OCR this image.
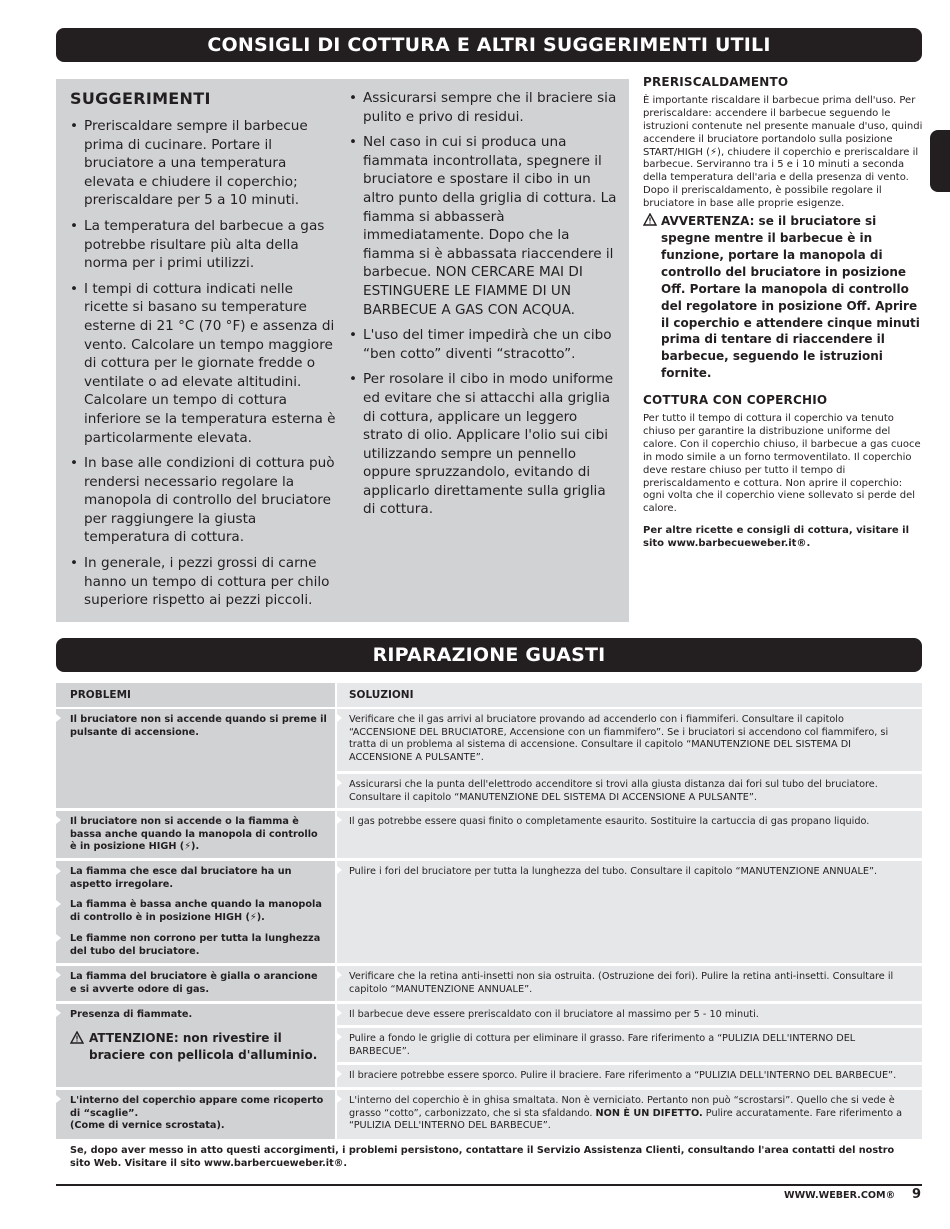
CONSIGLI DI COTTURA E ALTRI SUGGERIMENTI UTILI
SUGGERIMENTI
• Preriscaldare sempre il barbecue prima di cucinare. Portare il bruciatore a una temperatura elevata e chiudere il coperchio; preriscaldare per 5 a 10 minuti.
• La temperatura del barbecue a gas potrebbe risultare più alta della norma per i primi utilizzi.
• I tempi di cottura indicati nelle ricette si basano su temperature esterne di 21 °C (70 °F) e assenza di vento. Calcolare un tempo maggiore di cottura per le giornate fredde o ventilate o ad elevate altitudini. Calcolare un tempo di cottura inferiore se la temperatura esterna è particolarmente elevata.
• In base alle condizioni di cottura può rendersi necessario regolare la manopola di controllo del bruciatore per raggiungere la giusta temperatura di cottura.
• In generale, i pezzi grossi di carne hanno un tempo di cottura per chilo superiore rispetto ai pezzi piccoli.
• Assicurarsi sempre che il braciere sia pulito e privo di residui.
• Nel caso in cui si produca una fiammata incontrollata, spegnere il bruciatore e spostare il cibo in un altro punto della griglia di cottura. La fiamma si abbasserà immediatamente. Dopo che la fiamma si è abbassata riaccendere il barbecue. NON CERCARE MAI DI ESTINGUERE LE FIAMME DI UN BARBECUE A GAS CON ACQUA.
• L'uso del timer impedirà che un cibo “ben cotto” diventi “stracotto”.
• Per rosolare il cibo in modo uniforme ed evitare che si attacchi alla griglia di cottura, applicare un leggero strato di olio. Applicare l'olio sui cibi utilizzando sempre un pennello oppure spruzzandolo, evitando di applicarlo direttamente sulla griglia di cottura.
PRERISCALDAMENTO

È importante riscaldare il barbecue prima dell'uso. Per preriscaldare: accendere il barbecue seguendo le istruzioni contenute nel presente manuale d'uso, quindi accendere il bruciatore portandolo sulla posizione START/HIGH (⚡), chiudere il coperchio e preriscaldare il barbecue. Serviranno tra i 5 e i 10 minuti a seconda della temperatura dell'aria e della presenza di vento. Dopo il preriscaldamento, è possibile regolare il bruciatore in base alle proprie esigenze.

AVVERTENZA: se il bruciatore si spegne mentre il barbecue è in funzione, portare la manopola di controllo del bruciatore in posizione Off. Portare la manopola di controllo del regolatore in posizione Off. Aprire il coperchio e attendere cinque minuti prima di tentare di riaccendere il barbecue, seguendo le istruzioni fornite.
COTTURA CON COPERCHIO

Per tutto il tempo di cottura il coperchio va tenuto chiuso per garantire la distribuzione uniforme del calore. Con il coperchio chiuso, il barbecue a gas cuoce in modo simile a un forno termoventilato. Il coperchio deve restare chiuso per tutto il tempo di preriscaldamento e cottura. Non aprire il coperchio: ogni volta che il coperchio viene sollevato si perde del calore.

Per altre ricette e consigli di cottura, visitare il sito www.barbecueweber.it®.

RIPARAZIONE GUASTI
PROBLEMI	SOLUZIONI
Il bruciatore non si accende quando si preme il pulsante di accensione.
Verificare che il gas arrivi al bruciatore provando ad accenderlo con i fiammiferi. Consultare il capitolo “ACCENSIONE DEL BRUCIATORE, Accensione con un fiammifero”. Se i bruciatori si accendono col fiammifero, si tratta di un problema al sistema di accensione. Consultare il capitolo “MANUTENZIONE DEL SISTEMA DI ACCENSIONE A PULSANTE”.
Assicurarsi che la punta dell'elettrodo accenditore si trovi alla giusta distanza dai fori sul tubo del bruciatore. Consultare il capitolo “MANUTENZIONE DEL SISTEMA DI ACCENSIONE A PULSANTE”.
Il bruciatore non si accende o la fiamma è bassa anche quando la manopola di controllo è in posizione HIGH (⚡).
Il gas potrebbe essere quasi finito o completamente esaurito. Sostituire la cartuccia di gas propano liquido.
La fiamma che esce dal bruciatore ha un aspetto irregolare.
La fiamma è bassa anche quando la manopola di controllo è in posizione HIGH (⚡).
Le fiamme non corrono per tutta la lunghezza del tubo del bruciatore.
Pulire i fori del bruciatore per tutta la lunghezza del tubo. Consultare il capitolo “MANUTENZIONE ANNUALE”.
La fiamma del bruciatore è gialla o arancione e si avverte odore di gas.
Verificare che la retina anti-insetti non sia ostruita. (Ostruzione dei fori). Pulire la retina anti-insetti. Consultare il capitolo “MANUTENZIONE ANNUALE”.
Presenza di fiammate.
ATTENZIONE: non rivestire il braciere con pellicola d'alluminio.
Il barbecue deve essere preriscaldato con il bruciatore al massimo per 5 - 10 minuti.
Pulire a fondo le griglie di cottura per eliminare il grasso. Fare riferimento a “PULIZIA DELL'INTERNO DEL BARBECUE”.
Il braciere potrebbe essere sporco. Pulire il braciere. Fare riferimento a “PULIZIA DELL'INTERNO DEL BARBECUE”.
L'interno del coperchio appare come ricoperto di “scaglie”.
(Come di vernice scrostata).
L'interno del coperchio è in ghisa smaltata. Non è verniciato. Pertanto non può “scrostarsi”. Quello che si vede è grasso “cotto”, carbonizzato, che si sta sfaldando. NON È UN DIFETTO. Pulire accuratamente. Fare riferimento a “PULIZIA DELL'INTERNO DEL BARBECUE”.
Se, dopo aver messo in atto questi accorgimenti, i problemi persistono, contattare il Servizio Assistenza Clienti, consultando l'area contatti del nostro sito Web. Visitare il sito www.barbercueweber.it®.
WWW.WEBER.COM® 9
